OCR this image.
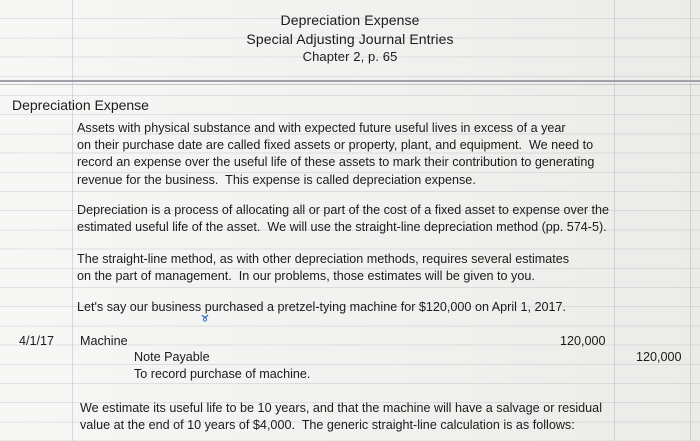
Depreciation Expense
Special Adjusting Journal Entries
Chapter 2, p. 65
Depreciation Expense
Assets with physical substance and with expected future useful lives in excess of a year
on their purchase date are called fixed assets or property, plant, and equipment.  We need to
record an expense over the useful life of these assets to mark their contribution to generating
revenue for the business.  This expense is called depreciation expense.
Depreciation is a process of allocating all or part of the cost of a fixed asset to expense over the
estimated useful life of the asset.  We will use the straight-line depreciation method (pp. 574-5).
The straight-line method, as with other depreciation methods, requires several estimates
on the part of management.  In our problems, those estimates will be given to you.
Let's say our business purchased a pretzel-tying machine for $120,000 on April 1, 2017.
4/1/17 Machine	120,000
Note Payable	120,000
To record purchase of machine.
We estimate its useful life to be 10 years, and that the machine will have a salvage or residual
value at the end of 10 years of $4,000.  The generic straight-line calculation is as follows:
